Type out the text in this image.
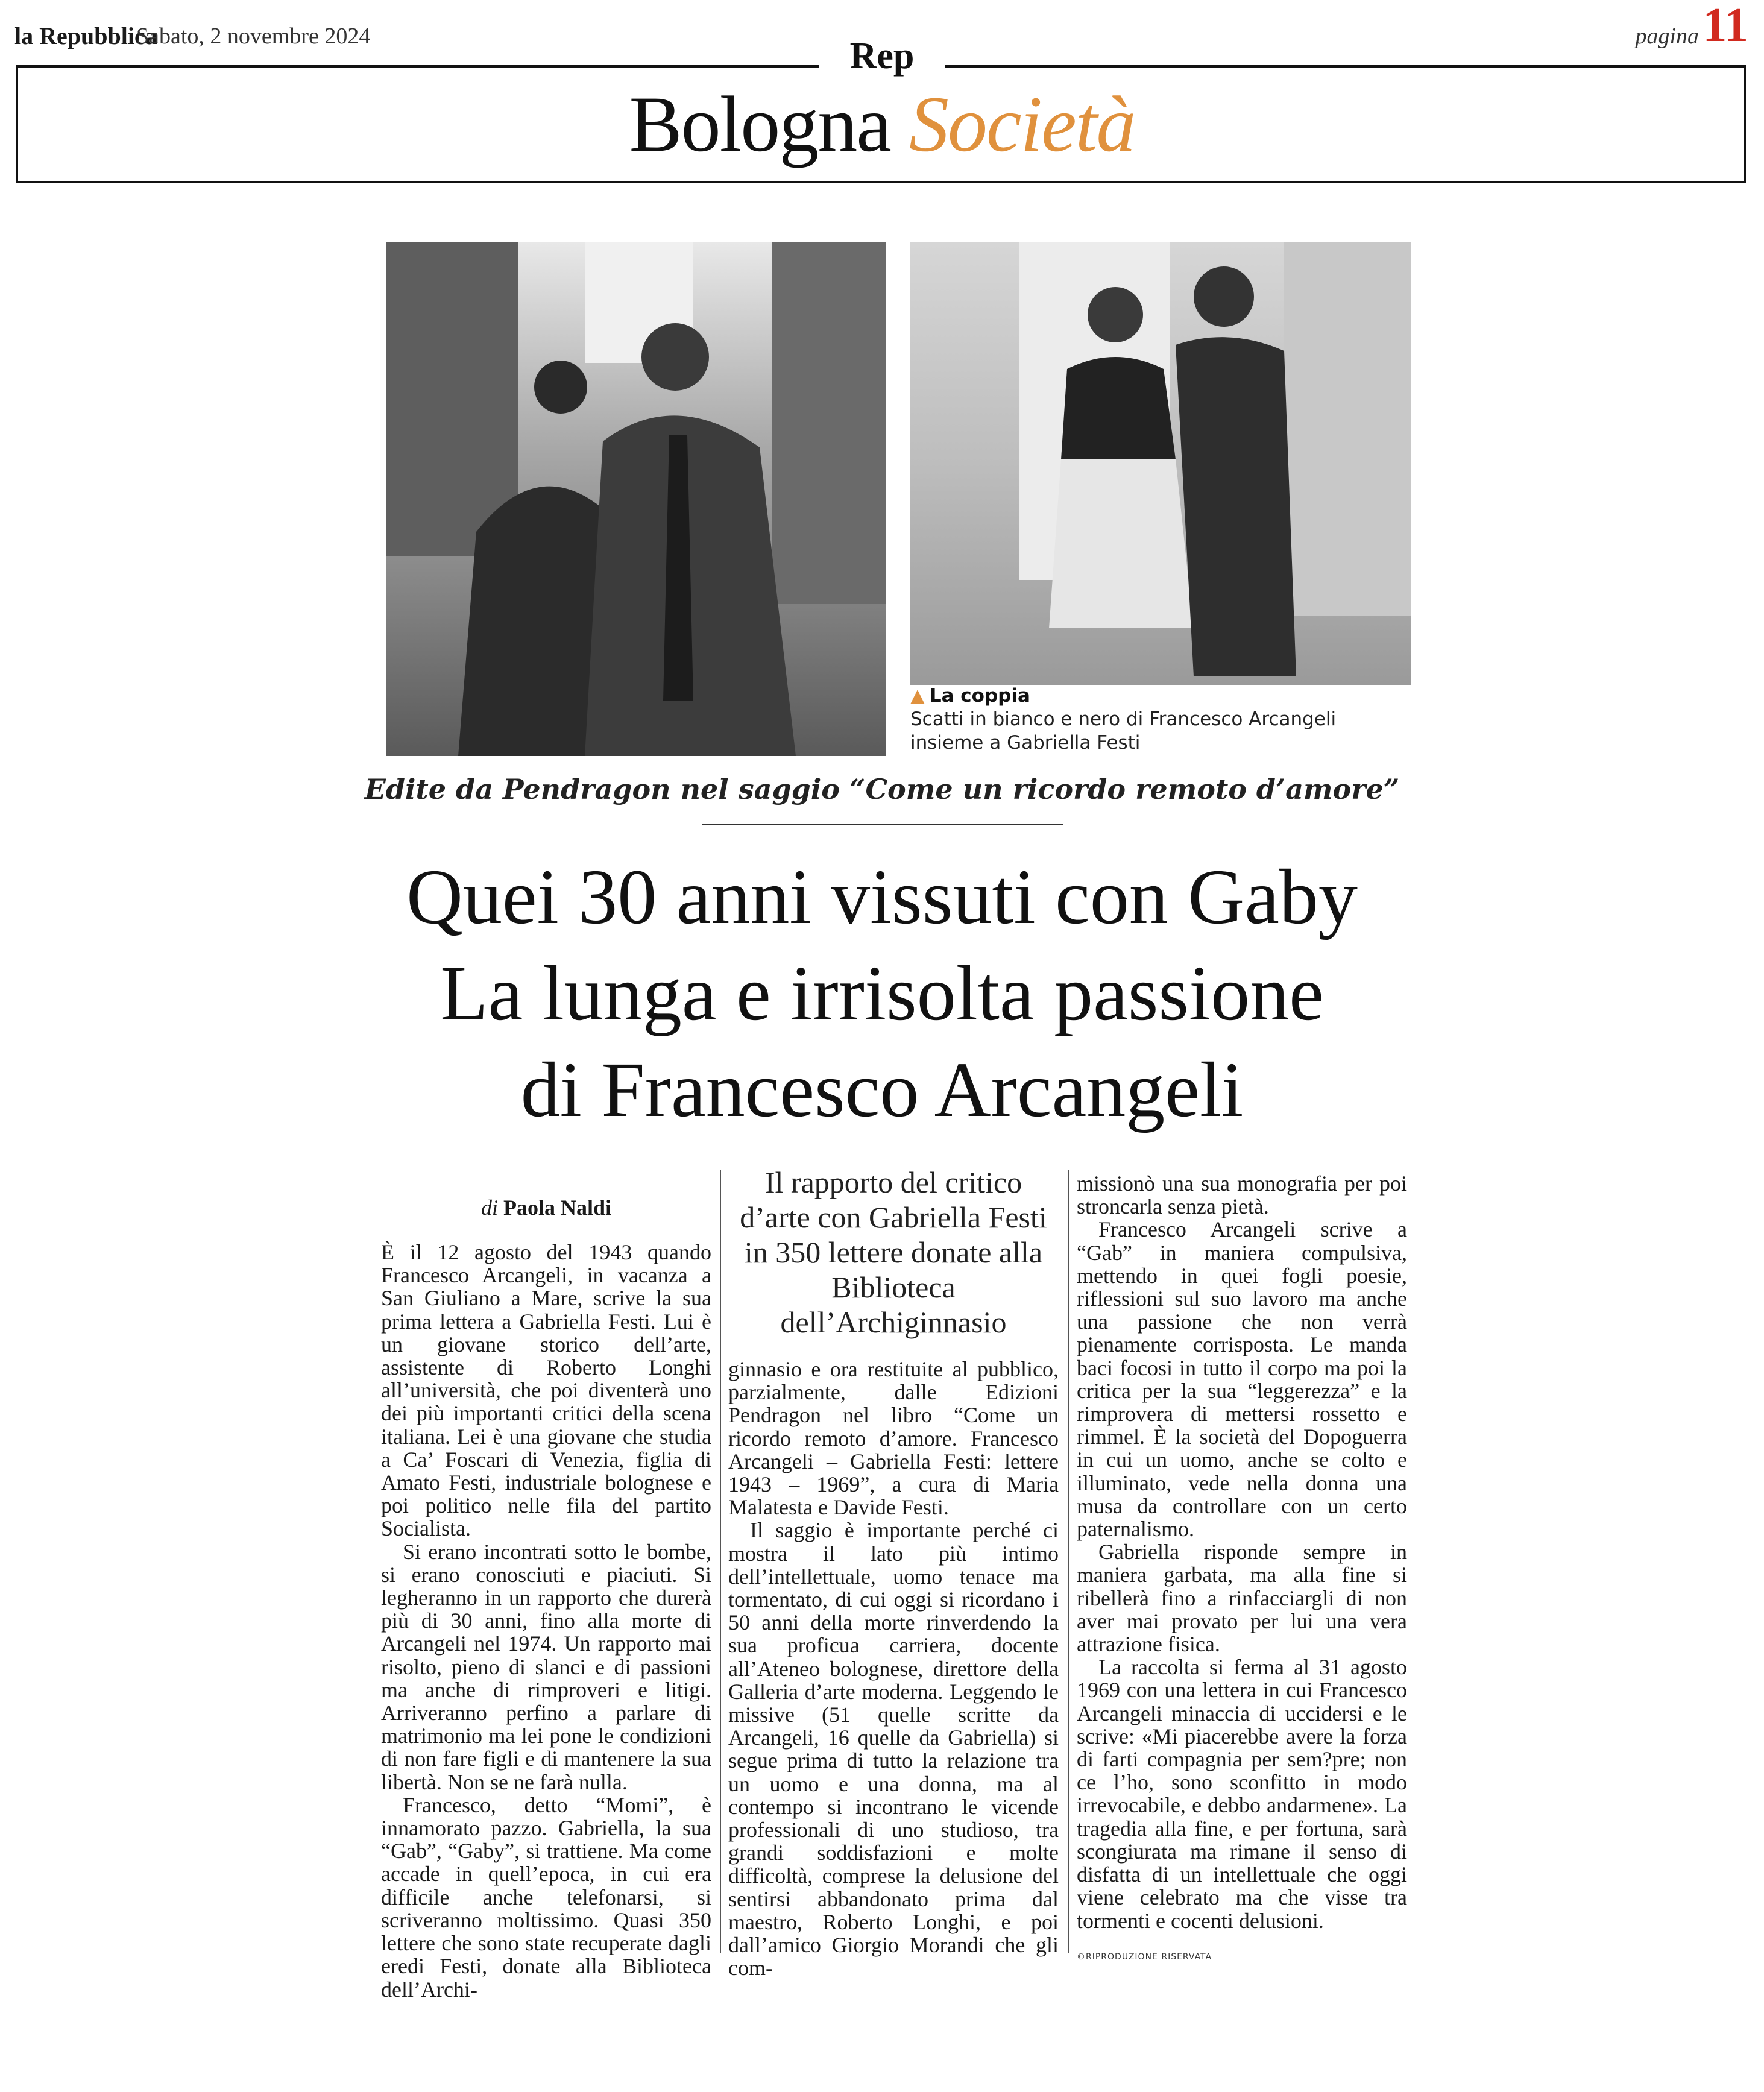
la Repubblica
Sabato, 2 novembre 2024	pagina 11
Rep
Bologna Società
▲ La coppia
Scatti in bianco e nero di Francesco Arcangeli insieme a Gabriella Festi
Edite da Pendragon nel saggio “Come un ricordo remoto d’amore”
Quei 30 anni vissuti con Gaby
La lunga e irrisolta passione
di Francesco Arcangeli
di Paola Naldi

È il 12 agosto del 1943 quando Francesco Arcangeli, in vacanza a San Giuliano a Mare, scrive la sua prima lettera a Gabriella Festi. Lui è un giovane storico dell’arte, assistente di Roberto Longhi all’università, che poi diventerà uno dei più importanti critici della scena italiana. Lei è una giovane che studia a Ca’ Foscari di Venezia, figlia di Amato Festi, industriale bolognese e poi politico nelle fila del partito Socialista.

Si erano incontrati sotto le bombe, si erano conosciuti e piaciuti. Si legheranno in un rapporto che durerà più di 30 anni, fino alla morte di Arcangeli nel 1974. Un rapporto mai risolto, pieno di slanci e di passioni ma anche di rimproveri e litigi. Arriveranno perfino a parlare di matrimonio ma lei pone le condizioni di non fare figli e di mantenere la sua libertà. Non se ne farà nulla.

Francesco, detto “Momi”, è innamorato pazzo. Gabriella, la sua “Gab”, “Gaby”, si trattiene. Ma come accade in quell’epoca, in cui era difficile anche telefonarsi, si scriveranno moltissimo. Quasi 350 lettere che sono state recuperate dagli eredi Festi, donate alla Biblioteca dell’Archi-

Il rapporto del critico d’arte con Gabriella Festi in 350 lettere donate alla Biblioteca dell’Archiginnasio

ginnasio e ora restituite al pubblico, parzialmente, dalle Edizioni Pendragon nel libro “Come un ricordo remoto d’amore. Francesco Arcangeli – Gabriella Festi: lettere 1943 – 1969”, a cura di Maria Malatesta e Davide Festi.

Il saggio è importante perché ci mostra il lato più intimo dell’intellettuale, uomo tenace ma tormentato, di cui oggi si ricordano i 50 anni della morte rinverdendo la sua proficua carriera, docente all’Ateneo bolognese, direttore della Galleria d’arte moderna. Leggendo le missive (51 quelle scritte da Arcangeli, 16 quelle da Gabriella) si segue prima di tutto la relazione tra un uomo e una donna, ma al contempo si incontrano le vicende professionali di uno studioso, tra grandi soddisfazioni e molte difficoltà, comprese la delusione del sentirsi abbandonato prima dal maestro, Roberto Longhi, e poi dall’amico Giorgio Morandi che gli com-

missionò una sua monografia per poi stroncarla senza pietà.

Francesco Arcangeli scrive a “Gab” in maniera compulsiva, mettendo in quei fogli poesie, riflessioni sul suo lavoro ma anche una passione che non verrà pienamente corrisposta. Le manda baci focosi in tutto il corpo ma poi la critica per la sua “leggerezza” e la rimprovera di mettersi rossetto e rimmel. È la società del Dopoguerra in cui un uomo, anche se colto e illuminato, vede nella donna una musa da controllare con un certo paternalismo.

Gabriella risponde sempre in maniera garbata, ma alla fine si ribellerà fino a rinfacciargli di non aver mai provato per lui una vera attrazione fisica.

La raccolta si ferma al 31 agosto 1969 con una lettera in cui Francesco Arcangeli minaccia di uccidersi e le scrive: «Mi piacerebbe avere la forza di farti compagnia per sem?pre; non ce l’ho, sono sconfitto in modo irrevocabile, e debbo andarmene». La tragedia alla fine, e per fortuna, sarà scongiurata ma rimane il senso di disfatta di un intellettuale che oggi viene celebrato ma che visse tra tormenti e cocenti delusioni.

©RIPRODUZIONE RISERVATA
